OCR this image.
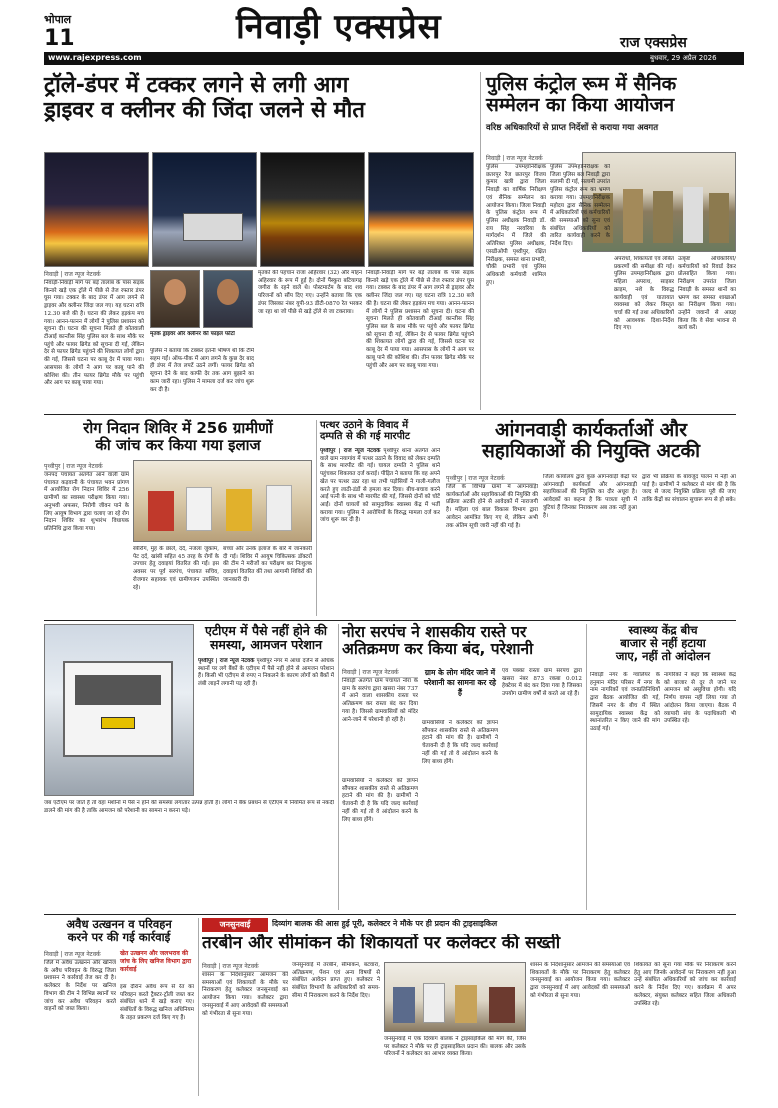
भोपाल
11	निवाड़ी एक्सप्रेस
www.rajexpress.com
राज एक्सप्रेस
बुधवार, 29 अप्रैल 2026
ट्रॉले-डंपर में टक्कर लगने से लगी आग
ड्राइवर व क्लीनर की जिंदा जलने से मौत
निवाड़ी | राज न्यूज नेटवर्क
निवाड़ी-निवाड़ी मार्ग पर बड़े तालाब के पास सड़क किनारे खड़े एक ट्रॉले में पीछे से तेज रफ्तार डंपर घुस गया। टक्कर के बाद डंपर में आग लगने से ड्राइवर और क्लीनर जिंदा जल गए। यह घटना रात्रि 12.30 बजे की है। घटना की लेकर हड़कंप मच गया। आनन-फानन में लोगों ने पुलिस प्रशासन को सूचना दी। घटना की सूचना मिलते ही कोतवाली टीआई कान्तीस सिंह पुलिस बल के साथ मौके पर पहुंचे और फायर ब्रिगेड को सूचना दी गई, लेकिन देर से फायर ब्रिगेड पहुंचने की शिकायत लोगों द्वारा की गई, जिससे घटना पर काबू देर में पाया गया। आसपास के लोगों ने आग पर काबू पाने की कोशिश की। तीन फायर ब्रिगेड मौके पर पहुंची और आग पर काबू पाया गया।
मृतक ड्राइवर और क्लीनर की फाइल फोटो
पुलिस ने बताया कि टक्कर इतनी भीषण थी कि टीमें सहम गईं। ऑफ-पीक में आग लगने के कुछ देर बाद ही डंपर में तेज लपटें उठने लगीं। फायर ब्रिगेड को सूचना देने के बाद काफी देर तक आग बुझाने का काम जारी रहा। पुलिस ने मामला दर्ज कर जांच शुरू कर दी है।
मृतकों की पहचान राजा अहिरवार (32) और मोहन अहिरवार के रूप में हुई है। दोनों पैंस्कुरा बटियागढ़ जगीरा के रहने वाले थे। पोस्टमार्टम के बाद शव परिजनों को सौंप दिए गए। उन्होंने बताया कि एक डंपर जिसका नंबर यूपी-93 डीटी-0870 रेत भरकर जा रहा था जो पीछे से खड़े ट्रॉले से जा टकराया।
निवाड़ी-निवाड़ी मार्ग पर बड़े तालाब के पास सड़क किनारे खड़े एक ट्रॉले में पीछे से तेज रफ्तार डंपर घुस गया। टक्कर के बाद डंपर में आग लगने से ड्राइवर और क्लीनर जिंदा जल गए। यह घटना रात्रि 12.30 बजे की है। घटना की लेकर हड़कंप मच गया। आनन-फानन में लोगों ने पुलिस प्रशासन को सूचना दी। घटना की सूचना मिलते ही कोतवाली टीआई कान्तीस सिंह पुलिस बल के साथ मौके पर पहुंचे और फायर ब्रिगेड को सूचना दी गई, लेकिन देर से फायर ब्रिगेड पहुंचने की शिकायत लोगों द्वारा की गई, जिससे घटना पर काबू देर में पाया गया। आसपास के लोगों ने आग पर काबू पाने की कोशिश की। तीन फायर ब्रिगेड मौके पर पहुंची और आग पर काबू पाया गया।
पुलिस कंट्रोल रूम में सैनिक
सम्मेलन का किया आयोजन
वरिष्ठ अधिकारियों से प्राप्त निर्देशों से कराया गया अवगत
निवाड़ी | राज न्यूज नेटवर्क
पुलिस उपमहानिरीक्षक छतरपुर रेंज छतरपुर विजय कुमार खत्री द्वारा जिला निवाड़ी का वार्षिक निरीक्षण एवं सैनिक सम्मेलन का आयोजन किया। जिला निवाड़ी के पुलिस कंट्रोल रूम में पुलिस अधीक्षक निवाड़ी डॉ. राय सिंह नरवरिया के मार्गदर्शन में जिले की अतिरिक्त पुलिस अधीक्षक, एसडीओपी पृथ्वीपुर, रक्षित निरीक्षक, समस्त थाना प्रभारी, चौकी प्रभारी एवं पुलिस अधिकारी कर्मचारी शामिल हुए।
पुलिस उपमहानिरीक्षक को जिला पुलिस बल निवाड़ी द्वारा सलामी दी गई, सलामी उपरांत पुलिस कंट्रोल रूम का भ्रमण कराया गया। उपमहानिरीक्षक महोदय द्वारा सैनिक सम्मेलन में अधिकारियों एवं कर्मचारियों की समस्याओं को सुना एवं संबंधित अधिकारियों को त्वरित कार्यवाही करने के निर्देश दिए।
अपराधों, शिकायतों एवं लंबित प्रकरणों की समीक्षा की गई। पुलिस उपमहानिरीक्षक द्वारा महिला अपराध, साइबर क्राइम, नशे के विरुद्ध कार्यवाही एवं यातायात व्यवस्था को लेकर विस्तृत चर्चा की गई तथा अधिकारियों को आवश्यक दिशा-निर्देश दिए गए।
उत्कृष्ट अधिकारियों/कर्मचारियों को रिवार्ड देकर प्रोत्साहित किया गया। निरीक्षण उपरांत जिला निवाड़ी के समस्त थानों का भ्रमण कर समस्त शाखाओं का निरीक्षण किया गया। उन्होंने जवानों से आग्रह किया कि वे सेवा भावना से कार्य करें।
रोग निदान शिविर में 256 ग्रामीणों
की जांच कर किया गया इलाज
पृथ्वीपुर | राज न्यूज नेटवर्क
जनपद पंचायत अंतर्गत आने वाली ग्राम पंचायत कड़वानी के पंचायत भवन प्रांगण में आयोजित रोग निदान शिविर में 256 ग्रामीणों का स्वास्थ्य परीक्षण किया गया। अनुभवी अफसर, निरोगी जीवन पाने के लिए आयुष विभाग द्वारा चलाए जा रहे रोग निदान शिविर का शुभारंभ विधायक प्रतिनिधि द्वारा किया गया।
स्त्रीरोग, मुंह के छाले, दर्द, नजला जुकाम, पेट दर्द, खांसी सहित 45 तरह के रोगों के उपचार हेतु दवाइयां वितरित की गईं। इस अवसर पर पूर्व सरपंच, पंचायत सचिव, रोजगार सहायक एवं ग्रामीणजन उपस्थित रहे।
बच्चा और उनके इलाज के बारे में जानकारी दी गई। शिविर में आयुष चिकित्सक डॉक्टरों की टीम ने मरीजों का परीक्षण कर निःशुल्क दवाइयां वितरित कीं तथा आगामी शिविरों की जानकारी दी।
पत्थर उठाने के विवाद में
दम्पति से की गई मारपीट
पृथ्वीपुर | राज न्यूज नेटवर्क पृथ्वीपुर थाना अंतर्गत आने वाले ग्राम नयागांव में पत्थर उठाने के विवाद को लेकर दम्पति के साथ मारपीट की गई। घायल दम्पति ने पुलिस थाने पहुंचकर शिकायत दर्ज कराई। पीड़ित ने बताया कि वह अपने खेत पर पत्थर उठा रहा था तभी पड़ोसियों ने गाली-गलौज करते हुए लाठी-डंडों से हमला कर दिया। बीच-बचाव करने आई पत्नी के साथ भी मारपीट की गई, जिससे दोनों को चोटें आईं। दोनों घायलों को सामुदायिक स्वास्थ्य केंद्र में भर्ती कराया गया। पुलिस ने आरोपियों के विरुद्ध मामला दर्ज कर जांच शुरू कर दी है।
आंगनवाड़ी कार्यकर्ताओं और
सहायिकाओं की नियुक्ति अटकी
पृथ्वीपुर | राज न्यूज नेटवर्क
जिले के विभिन्न ग्रामों में आंगनवाड़ी कार्यकर्ताओं और सहायिकाओं की नियुक्ति की प्रक्रिया अटकी होने से आवेदकों में नाराजगी है। महिला एवं बाल विकास विभाग द्वारा आवेदन आमंत्रित किए गए थे, लेकिन अभी तक अंतिम सूची जारी नहीं की गई है।
जिला कार्यालय द्वारा कुछ आंगनवाड़ी केंद्रों पर आंगनवाड़ी कार्यकर्ता और आंगनवाड़ी सहायिकाओं की नियुक्ति का दौर अधूरा है। आवेदकों का कहना है कि पात्रता सूची में त्रुटियां हैं जिनका निराकरण अब तक नहीं हुआ है।
द्वारा भी प्रक्रिया के बावजूद पालन में नहीं आ पाई है। ग्रामीणों ने कलेक्टर से मांग की है कि जल्द से जल्द नियुक्ति प्रक्रिया पूरी की जाए ताकि केंद्रों का संचालन सुचारू रूप से हो सके।
एटीएम में पैसे नहीं होने की
समस्या, आमजन परेशान
पृथ्वीपुर | राज न्यूज नेटवर्क पृथ्वीपुर नगर में आधा दर्जन से अधिक स्थानों पर लगे बैंकों के एटीएम में पैसे नहीं होने से आमजन परेशान हैं। किसी भी एटीएम से रुपए न निकलने के कारण लोगों को बैंकों में लंबी लाइनें लगानी पड़ रही हैं।
जब एटीएम पर जाते हैं तो वहां मशीनों में पैसे न होने की समस्या लगातार उत्पन्न होती है। लोगों ने बैंक प्रबंधन से एटीएम में नियमित रूप से नकदी डालने की मांग की है ताकि आमजन को परेशानी का सामना न करना पड़े।
नोरा सरपंच ने शासकीय रास्ते पर
अतिक्रमण कर किया बंद, परेशानी
निवाड़ी | राज न्यूज नेटवर्क
निवाड़ी अंतर्गत ग्राम पंचायत नोरा के ग्राम के सरपंच द्वारा खसरा नंबर 737 में आने वाला शासकीय रास्ता पर अतिक्रमण कर रास्ता बंद कर दिया गया है। जिससे ग्रामवासियों को मंदिर आने-जाने में परेशानी हो रही है।
ग्राम के लोग मंदिर जाने में परेशानी का सामना कर रहे हैं
ग्रामवासियों ने कलेक्टर को ज्ञापन सौंपकर शासकीय रास्ते से अतिक्रमण हटाने की मांग की है। ग्रामीणों ने चेतावनी दी है कि यदि जल्द कार्रवाई नहीं की गई तो वे आंदोलन करने के लिए बाध्य होंगे।
एवं पक्का रास्ता ग्राम सरपंच द्वारा खसरा नंबर 873 रकबा 0.012 हेक्टेयर में बंद कर दिया गया है जिसका उपयोग ग्रामीण वर्षों से करते आ रहे हैं।
ग्रामवासियों ने कलेक्टर को ज्ञापन सौंपकर शासकीय रास्ते से अतिक्रमण हटाने की मांग की है। ग्रामीणों ने चेतावनी दी है कि यदि जल्द कार्रवाई नहीं की गई तो वे आंदोलन करने के लिए बाध्य होंगे।
स्वास्थ्य केंद्र बीच
बाजार से नहीं हटाया
जाए, नहीं तो आंदोलन
निवाड़ी नगर के ग्वालियर के हनुमान मंदिर परिसर में नगर के नाम नागरिकों एवं जनप्रतिनिधियों द्वारा बैठक आयोजित की गई, जिसमें नगर के बीच में स्थित सामुदायिक स्वास्थ्य केंद्र को स्थानांतरित न किए जाने की मांग उठाई गई।
नागरिकों ने कहा कि स्वास्थ्य केंद्र को बाजार से दूर ले जाने पर आमजन को असुविधा होगी। यदि निर्णय वापस नहीं लिया गया तो आंदोलन किया जाएगा। बैठक में व्यापारी संघ के पदाधिकारी भी उपस्थित रहे।
अवैध उत्खनन व परिवहन
करने पर की गई कार्रवाई
निवाड़ी | राज न्यूज नेटवर्क
जिले में अवैध उत्खनन और खनिज के अवैध परिवहन के विरुद्ध जिला प्रशासन ने कार्रवाई तेज कर दी है। कलेक्टर के निर्देश पर खनिज विभाग की टीम ने विभिन्न स्थानों पर जांच कर अवैध परिवहन करते वाहनों को जब्त किया।
खेत उत्खनन और जलभराव की जांच के लिए खनिज विभाग द्वारा कार्रवाई
इस दौरान अवैध रूप से रेत का परिवहन करते ट्रैक्टर-ट्रॉली जब्त कर संबंधित थाने में खड़े कराए गए। संबंधितों के विरुद्ध खनिज अधिनियम के तहत प्रकरण दर्ज किए गए हैं।
जनसुनवाई	दिव्यांग बालक की आस हुई पूरी, कलेक्टर ने मौके पर ही प्रदान की ट्राइसाइकिल
तरबीन और सीमांकन की शिकायतों पर कलेक्टर की सख्ती
निवाड़ी | राज न्यूज नेटवर्क
शासन के निर्देशानुसार आमजन की समस्याओं एवं शिकायतों के मौके पर निराकरण हेतु कलेक्टर जनसुनवाई का आयोजन किया गया। कलेक्टर द्वारा जनसुनवाई में आए आवेदकों की समस्याओं को गंभीरता से सुना गया।
जनसुनवाई में तरबीन, सीमांकन, बंटवारा, अतिक्रमण, पेंशन एवं अन्य विषयों से संबंधित आवेदन प्राप्त हुए। कलेक्टर ने संबंधित विभागों के अधिकारियों को समय-सीमा में निराकरण करने के निर्देश दिए।
जनसुनवाई में एक दिव्यांग बालक ने ट्राइसाइकिल की मांग की, जिस पर कलेक्टर ने मौके पर ही ट्राइसाइकिल प्रदान की। बालक और उसके परिजनों ने कलेक्टर का आभार व्यक्त किया।
शासन के निर्देशानुसार आमजन की समस्याओं एवं शिकायतों के मौके पर निराकरण हेतु कलेक्टर जनसुनवाई का आयोजन किया गया। कलेक्टर द्वारा जनसुनवाई में आए आवेदकों की समस्याओं को गंभीरता से सुना गया।
शिकायत को सूना गया मौके पर निराकरण करने हेतु आए जिनके आवेदनों पर निराकरण नहीं हुआ उन्हें संबंधित अधिकारियों को जांच कर कार्रवाई करने के निर्देश दिए गए। कार्यक्रम में अपर कलेक्टर, संयुक्त कलेक्टर सहित जिला अधिकारी उपस्थित रहे।
